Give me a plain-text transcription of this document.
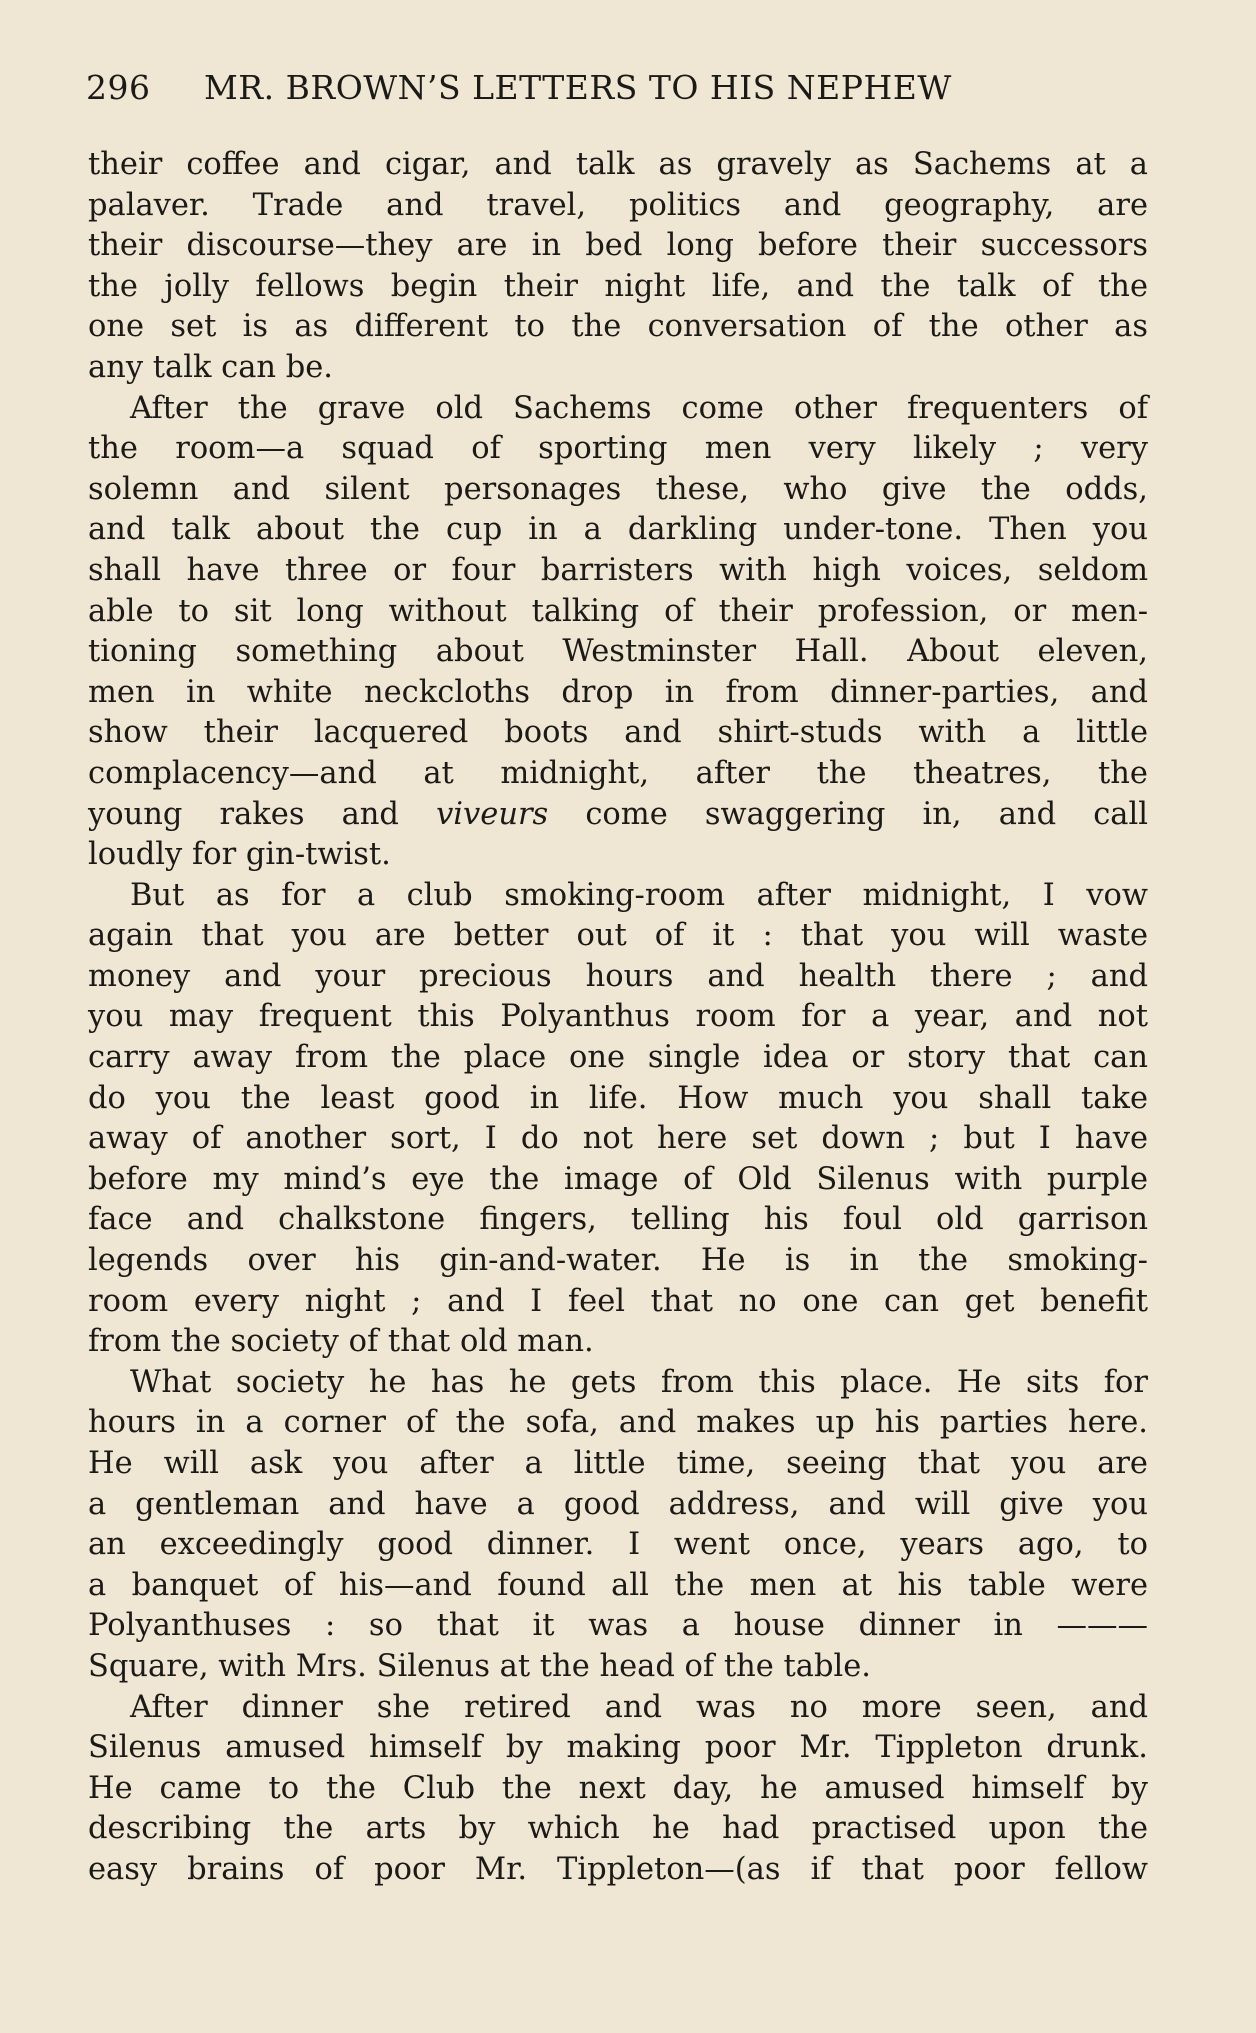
296 MR. BROWN’S LETTERS TO HIS NEPHEW
their coffee and cigar, and talk as gravely as Sachems at a
palaver. Trade and travel, politics and geography, are
their discourse—they are in bed long before their successors
the jolly fellows begin their night life, and the talk of the
one set is as different to the conversation of the other as
any talk can be.
After the grave old Sachems come other frequenters of
the room—a squad of sporting men very likely ; very
solemn and silent personages these, who give the odds,
and talk about the cup in a darkling under-tone. Then you
shall have three or four barristers with high voices, seldom
able to sit long without talking of their profession, or men-
tioning something about Westminster Hall. About eleven,
men in white neckcloths drop in from dinner-parties, and
show their lacquered boots and shirt-studs with a little
complacency—and at midnight, after the theatres, the
young rakes and viveurs come swaggering in, and call
loudly for gin-twist.
But as for a club smoking-room after midnight, I vow
again that you are better out of it : that you will waste
money and your precious hours and health there ; and
you may frequent this Polyanthus room for a year, and not
carry away from the place one single idea or story that can
do you the least good in life. How much you shall take
away of another sort, I do not here set down ; but I have
before my mind’s eye the image of Old Silenus with purple
face and chalkstone fingers, telling his foul old garrison
legends over his gin-and-water. He is in the smoking-
room every night ; and I feel that no one can get benefit
from the society of that old man.
What society he has he gets from this place. He sits for
hours in a corner of the sofa, and makes up his parties here.
He will ask you after a little time, seeing that you are
a gentleman and have a good address, and will give you
an exceedingly good dinner. I went once, years ago, to
a banquet of his—and found all the men at his table were
Polyanthuses : so that it was a house dinner in ———
Square, with Mrs. Silenus at the head of the table.
After dinner she retired and was no more seen, and
Silenus amused himself by making poor Mr. Tippleton drunk.
He came to the Club the next day, he amused himself by
describing the arts by which he had practised upon the
easy brains of poor Mr. Tippleton—(as if that poor fellow
